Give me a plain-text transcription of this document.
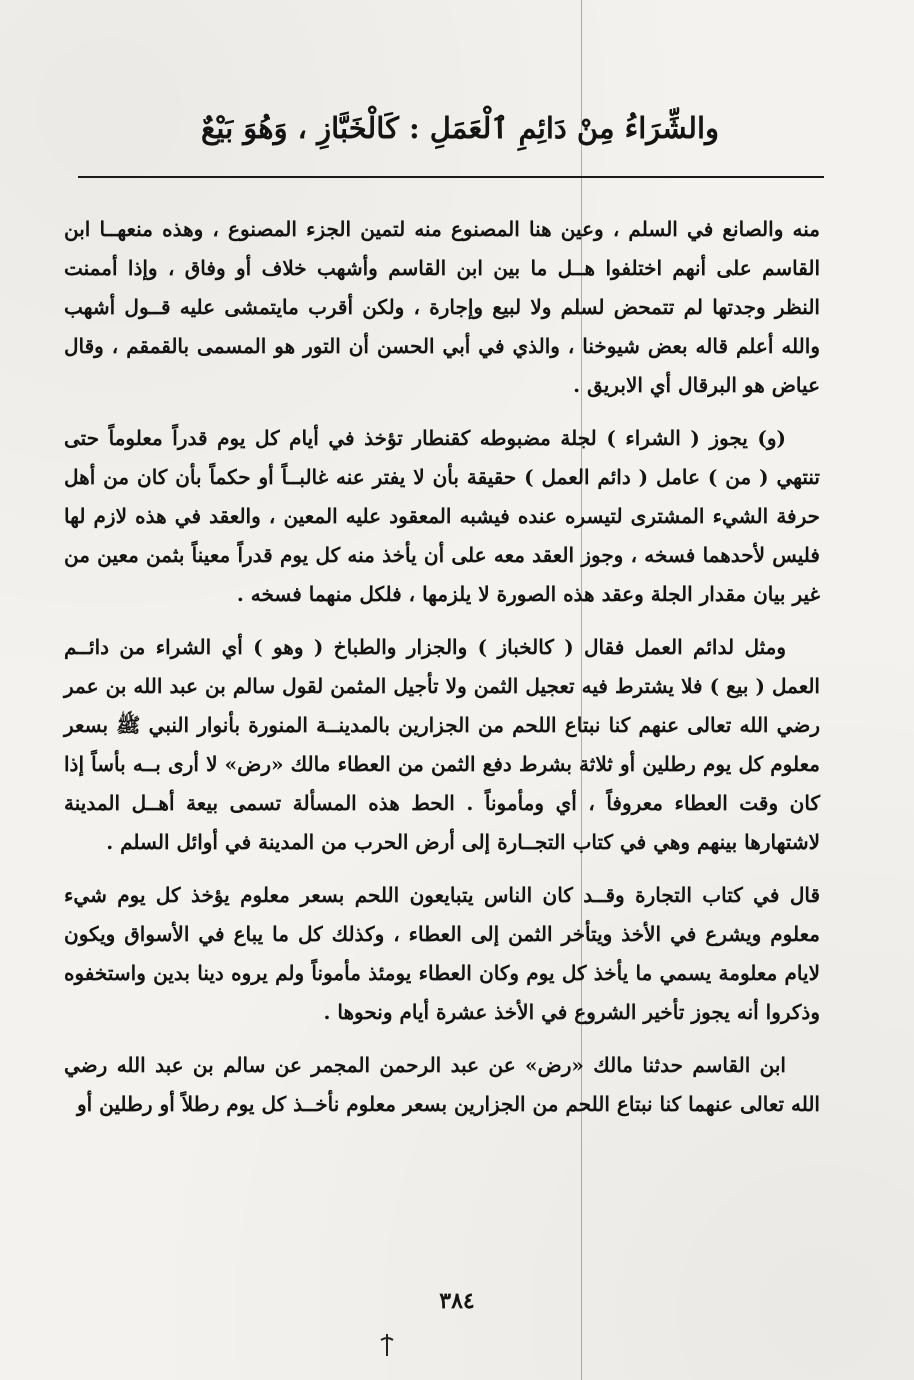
والشِّرَاءُ مِنْ دَائِمِ ٱلْعَمَلِ : كَالْخَبَّازِ ، وَهُوَ بَيْعٌ

منه والصانع في السلم ، وعين هنا المصنوع منه لتمين الجزء المصنوع ، وهذه منعهــا ابن القاسم على أنهم اختلفوا هــل ما بين ابن القاسم وأشهب خلاف أو وفاق ، وإذا أممنت النظر وجدتها لم تتمحض لسلم ولا لبيع وإجارة ، ولكن أقرب مايتمشى عليه قــول أشهب والله أعلم قاله بعض شيوخنا ، والذي في أبي الحسن أن التور هو المسمى بالقمقم ، وقال عياض هو البرقال أي الابريق .

(و) يجوز ( الشراء ) لجلة مضبوطه كقنطار تؤخذ في أيام كل يوم قدراً معلوماً حتى تنتهي ( من ) عامل ( دائم العمل ) حقيقة بأن لا يفتر عنه غالبــاً أو حكماً بأن كان من أهل حرفة الشيء المشترى لتيسره عنده فيشبه المعقود عليه المعين ، والعقد في هذه لازم لها فليس لأحدهما فسخه ، وجوز العقد معه على أن يأخذ منه كل يوم قدراً معيناً بثمن معين من غير بيان مقدار الجلة وعقد هذه الصورة لا يلزمها ، فلكل منهما فسخه .

ومثل لدائم العمل فقال ( كالخباز ) والجزار والطباخ ( وهو ) أي الشراء من دائــم العمل ( بيع ) فلا يشترط فيه تعجيل الثمن ولا تأجيل المثمن لقول سالم بن عبد الله بن عمر رضي الله تعالى عنهم كنا نبتاع اللحم من الجزارين بالمدينــة المنورة بأنوار النبي ﷺ بسعر معلوم كل يوم رطلين أو ثلاثة بشرط دفع الثمن من العطاء مالك «رض» لا أرى بــه بأساً إذا كان وقت العطاء معروفاً ، أي ومأموناً . الحط هذه المسألة تسمى بيعة أهــل المدينة لاشتهارها بينهم وهي في كتاب التجــارة إلى أرض الحرب من المدينة في أوائل السلم .

قال في كتاب التجارة وقــد كان الناس يتبايعون اللحم بسعر معلوم يؤخذ كل يوم شيء معلوم ويشرع في الأخذ ويتأخر الثمن إلى العطاء ، وكذلك كل ما يباع في الأسواق ويكون لايام معلومة يسمي ما يأخذ كل يوم وكان العطاء يومئذ مأموناً ولم يروه دينا بدين واستخفوه وذكروا أنه يجوز تأخير الشروع في الأخذ عشرة أيام ونحوها .

ابن القاسم حدثنا مالك «رض» عن عبد الرحمن المجمر عن سالم بن عبد الله رضي الله تعالى عنهما كنا نبتاع اللحم من الجزارين بسعر معلوم نأخــذ كل يوم رطلاً أو رطلين أو

٣٨٤
